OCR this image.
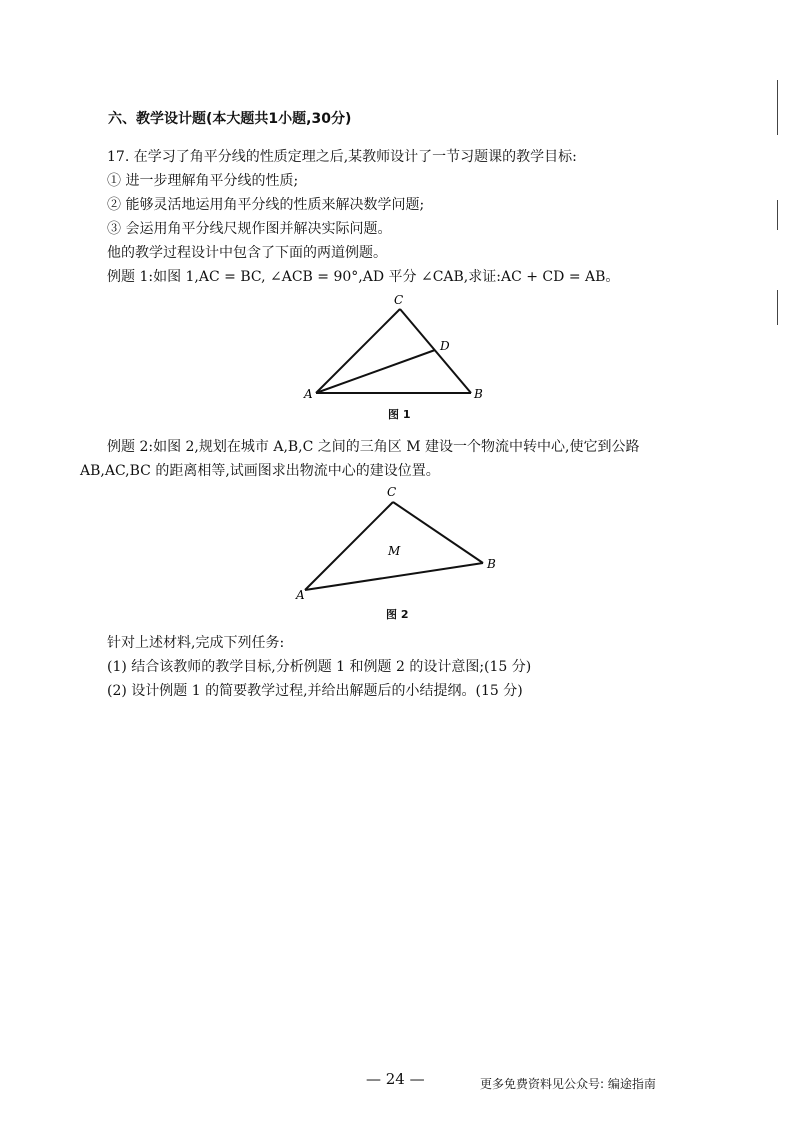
六、教学设计题(本大题共1小题,30分)
17. 在学习了角平分线的性质定理之后,某教师设计了一节习题课的教学目标:
① 进一步理解角平分线的性质;
② 能够灵活地运用角平分线的性质来解决数学问题;
③ 会运用角平分线尺规作图并解决实际问题。
他的教学过程设计中包含了下面的两道例题。
例题 1:如图 1,AC = BC, ∠ACB = 90°,AD 平分 ∠CAB,求证:AC + CD = AB。
C
D
A	B
图 1
例题 2:如图 2,规划在城市 A,B,C 之间的三角区 M 建设一个物流中转中心,使它到公路
AB,AC,BC 的距离相等,试画图求出物流中心的建设位置。
C
M
B
A
图 2
针对上述材料,完成下列任务:
(1) 结合该教师的教学目标,分析例题 1 和例题 2 的设计意图;(15 分)
(2) 设计例题 1 的简要教学过程,并给出解题后的小结提纲。(15 分)
— 24 —	更多免费资料见公众号: 编途指南
